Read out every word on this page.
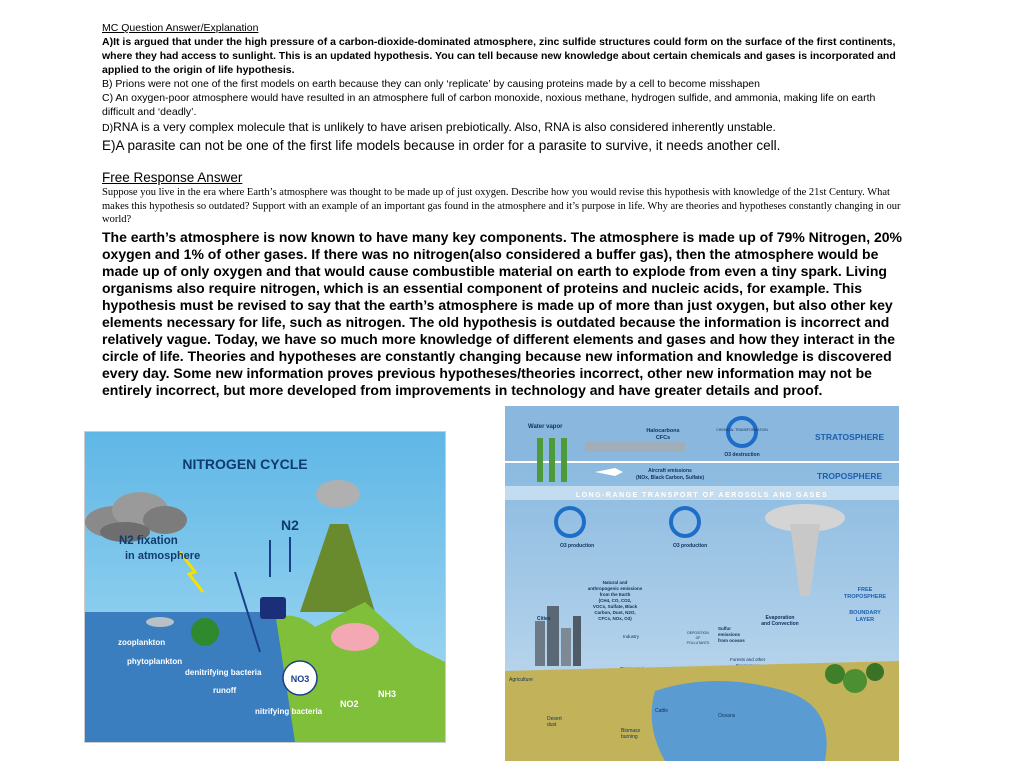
MC Question Answer/Explanation
A)It is argued that under the high pressure of a carbon-dioxide-dominated atmosphere, zinc sulfide structures could form on the surface of the first continents, where they had access to sunlight. This is an updated hypothesis. You can tell because new knowledge about certain chemicals and gases is incorporated and applied to the origin of life hypothesis.
B) Prions were not one of the first models on earth because they can only ‘replicate’ by causing proteins made by a cell to become misshapen
C) An oxygen-poor atmosphere would have resulted in an atmosphere full of carbon monoxide, noxious methane, hydrogen sulfide, and ammonia, making life on earth difficult and ‘deadly’.
D)RNA is a very complex molecule that is unlikely to have arisen prebiotically. Also, RNA is also considered inherently unstable.
E)A parasite can not be one of the first life models because in order for a parasite to survive, it needs another cell.
Free Response Answer
Suppose you live in the era where Earth’s atmosphere was thought to be made up of just oxygen. Describe how you would revise this hypothesis with knowledge of the 21st Century. What makes this hypothesis so outdated? Support with an example of an important gas found in the atmosphere and it’s purpose in life. Why are theories and hypotheses constantly changing in our world?
The earth’s atmosphere is now known to have many key components. The atmosphere is made up of 79% Nitrogen, 20% oxygen and 1% of other gases. If there was no nitrogen(also considered a buffer gas), then the atmosphere would be made up of only oxygen and that would cause combustible material on earth to explode from even a tiny spark. Living organisms also require nitrogen, which is an essential component of proteins and nucleic acids, for example. This hypothesis must be revised to say that the earth’s atmosphere is made up of more than just oxygen, but also other key elements necessary for life, such as nitrogen. The old hypothesis is outdated because the information is incorrect and relatively vague. Today, we have so much more knowledge of different elements and gases and how they interact in the circle of life. Theories and hypotheses are constantly changing because new information and knowledge is discovered every day. Some new information proves previous hypotheses/theories incorrect, other new information may not be entirely incorrect, but more developed from improvements in technology and have greater details and proof.
NITROGEN CYCLE
N2
N2 fixation
in atmosphere
NO3
NH3
NO2
zooplankton
phytoplankton
denitrifying bacteria
runoff
nitrifying bacteria
Water vapor
Halocarbons
CFCs
CHEMICAL TRANSFORMATION
O3 destruction
STRATOSPHERE
TROPOSPHERE
Aircraft emissions
(NOx, Black Carbon, Sulfate)
LONG-RANGE TRANSPORT OF AEROSOLS AND GASES
O3 production	O3 production
Natural and
anthropogenic emissions
from the Earth
(CH4, CO, CO2,
VOCs, Sulfate, Black
Carbon, Dust, N2O,
CFCs, NOx, O3)
FREE
TROPOSPHERE
BOUNDARY
LAYER
Evaporation
and Convection
DEPOSITION
OF
POLLUTANTS
Sulfur
emissions
from oceans
Cities
Industry
Forests and other
Agriculture
Cattle
Oceans
Desert
dust
Biomass
burning
